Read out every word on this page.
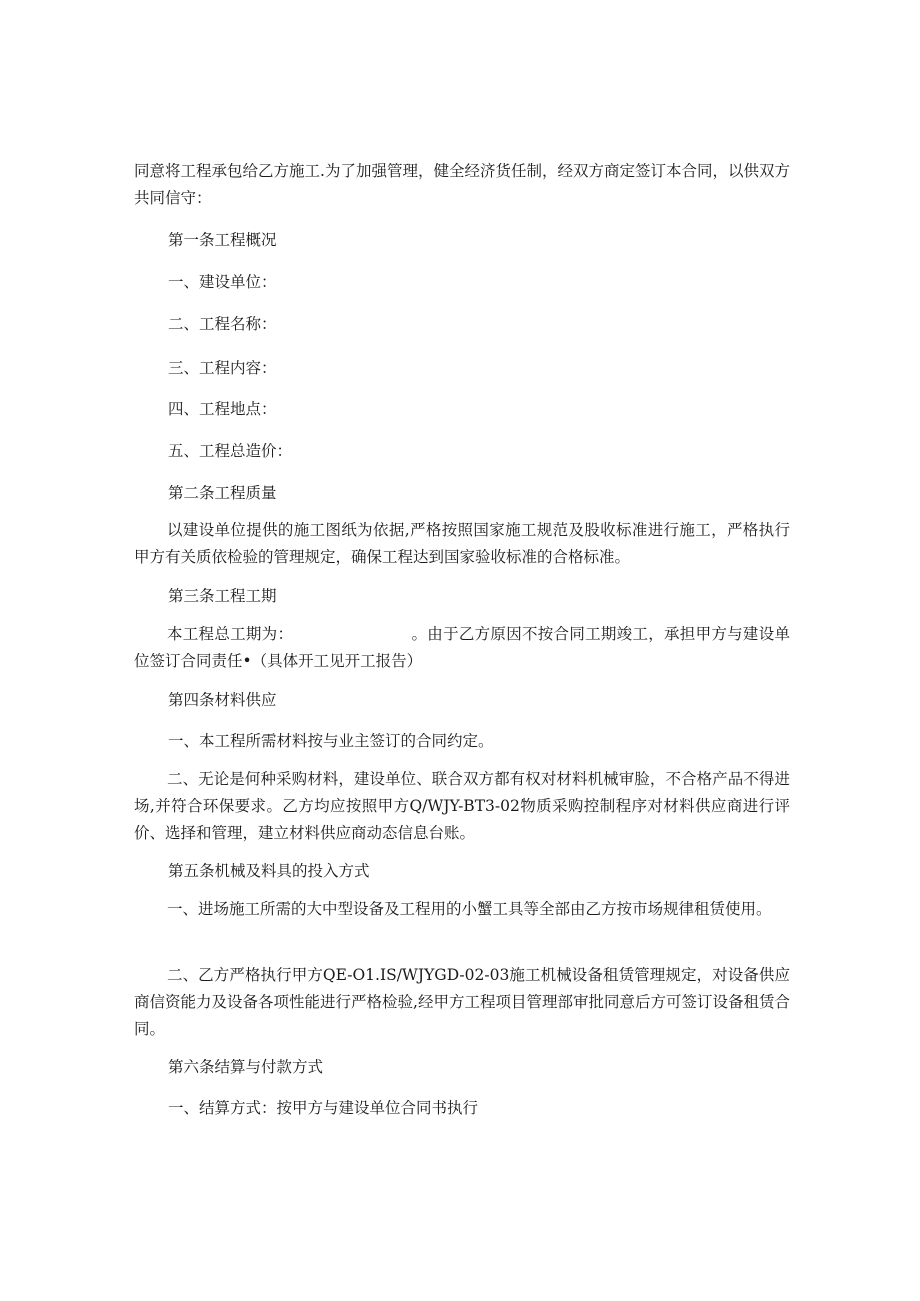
同意将工程承包给乙方施工.为了加强管理，健全经济货任制，经双方商定签订本合同，以供双方共同信守：

第一条工程概况

一、建设单位：

二、工程名称：

三、工程内容：

四、工程地点：

五、工程总造价：

第二条工程质量

以建设单位提供的施工图纸为依据,严格按照国家施工规范及股收标准进行施工，严格执行甲方有关质依检验的管理规定，确保工程达到国家验收标准的合格标准。

第三条工程工期

本工程总工期为：	。由于乙方原因不按合同工期竣工，承担甲方与建设单位签订合同责任•（具体开工见开工报告）

第四条材料供应

一、本工程所需材料按与业主签订的合同约定。

二、无论是何种采购材料，建设单位、联合双方都有权对材料机械审脸，不合格产品不得进场,并符合环保要求。乙方均应按照甲方Q/WJY-BT3-02物质采购控制程序对材料供应商进行评价、选择和管理，建立材料供应商动态信息台账。

第五条机械及料具的投入方式

一、进场施工所需的大中型设备及工程用的小蟹工具等全部由乙方按市场规律租赁使用。

二、乙方严格执行甲方QE-O1.IS/WJYGD-02-03施工机械设备租赁管理规定，对设备供应商信资能力及设备各项性能进行严格检验,经甲方工程项目管理部审批同意后方可签订设备租赁合同。

第六条结算与付款方式

一、结算方式：按甲方与建设单位合同书执行
